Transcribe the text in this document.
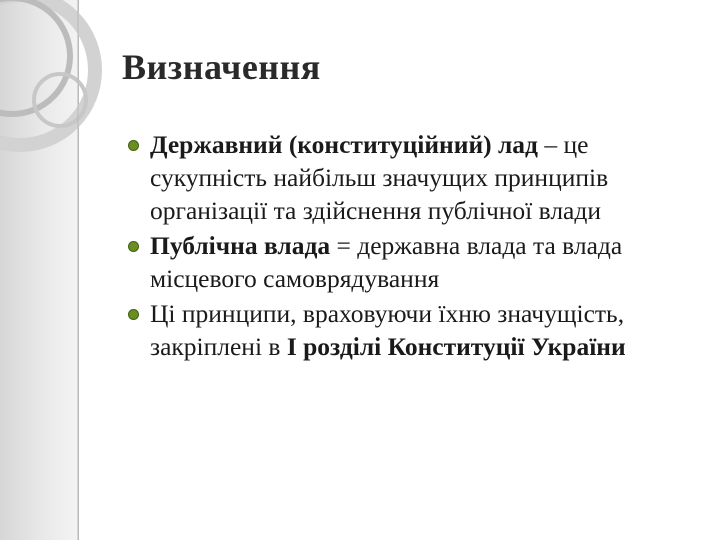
Визначення
Державний (конституційний) лад – це сукупність найбільш значущих принципів організації та здійснення публічної влади
Публічна влада = державна влада та влада місцевого самоврядування
Ці принципи, враховуючи їхню значущість, закріплені в І розділі Конституції України
